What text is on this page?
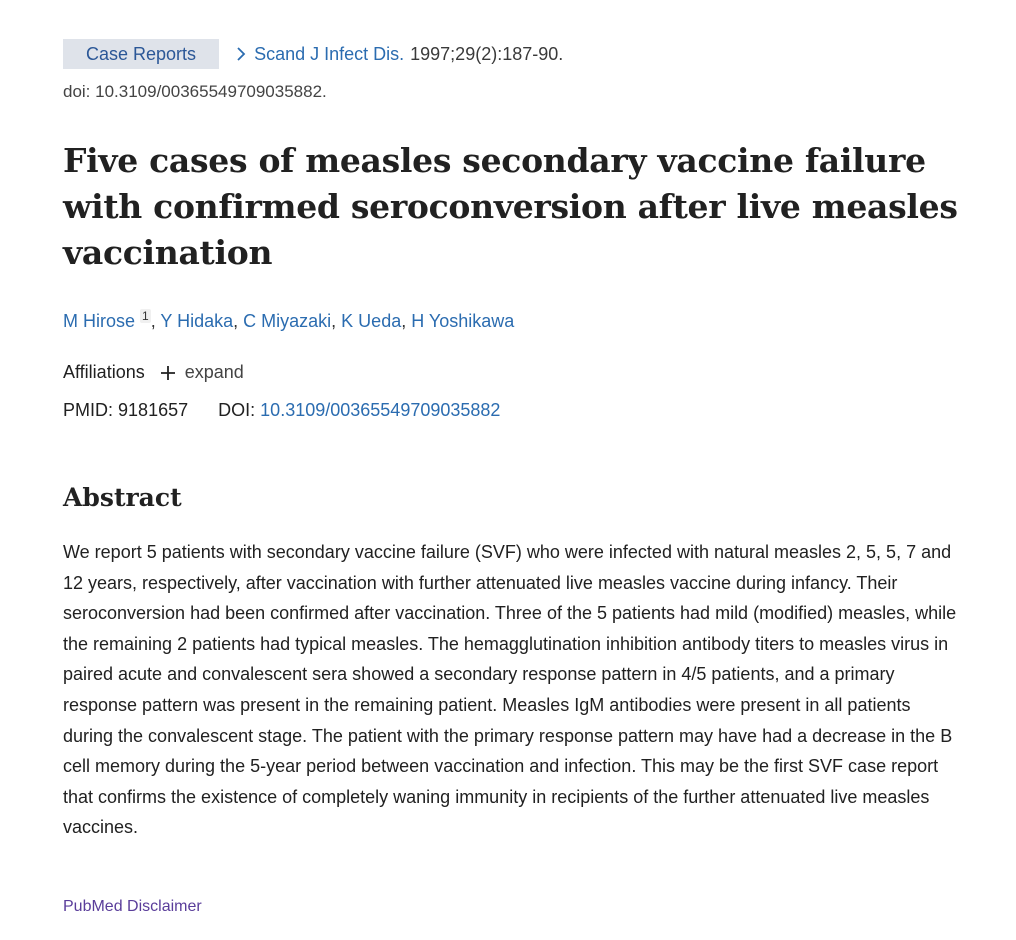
Case Reports	Scand J Infect Dis. 1997;29(2):187-90.
doi: 10.3109/00365549709035882.
Five cases of measles secondary vaccine failure with confirmed seroconversion after live measles vaccination
M Hirose $^1$ , Y Hidaka, C Miyazaki, K Ueda, H Yoshikawa
Affiliations expand
PMID: 9181657 DOI: 10.3109/00365549709035882
Abstract

We report 5 patients with secondary vaccine failure (SVF) who were infected with natural measles 2, 5, 5, 7 and 12 years, respectively, after vaccination with further attenuated live measles vaccine during infancy. Their seroconversion had been confirmed after vaccination. Three of the 5 patients had mild (modified) measles, while the remaining 2 patients had typical measles. The hemagglutination inhibition antibody titers to measles virus in paired acute and convalescent sera showed a secondary response pattern in 4/5 patients, and a primary response pattern was present in the remaining patient. Measles IgM antibodies were present in all patients during the convalescent stage. The patient with the primary response pattern may have had a decrease in the B cell memory during the 5-year period between vaccination and infection. This may be the first SVF case report that confirms the existence of completely waning immunity in recipients of the further attenuated live measles vaccines.

PubMed Disclaimer
